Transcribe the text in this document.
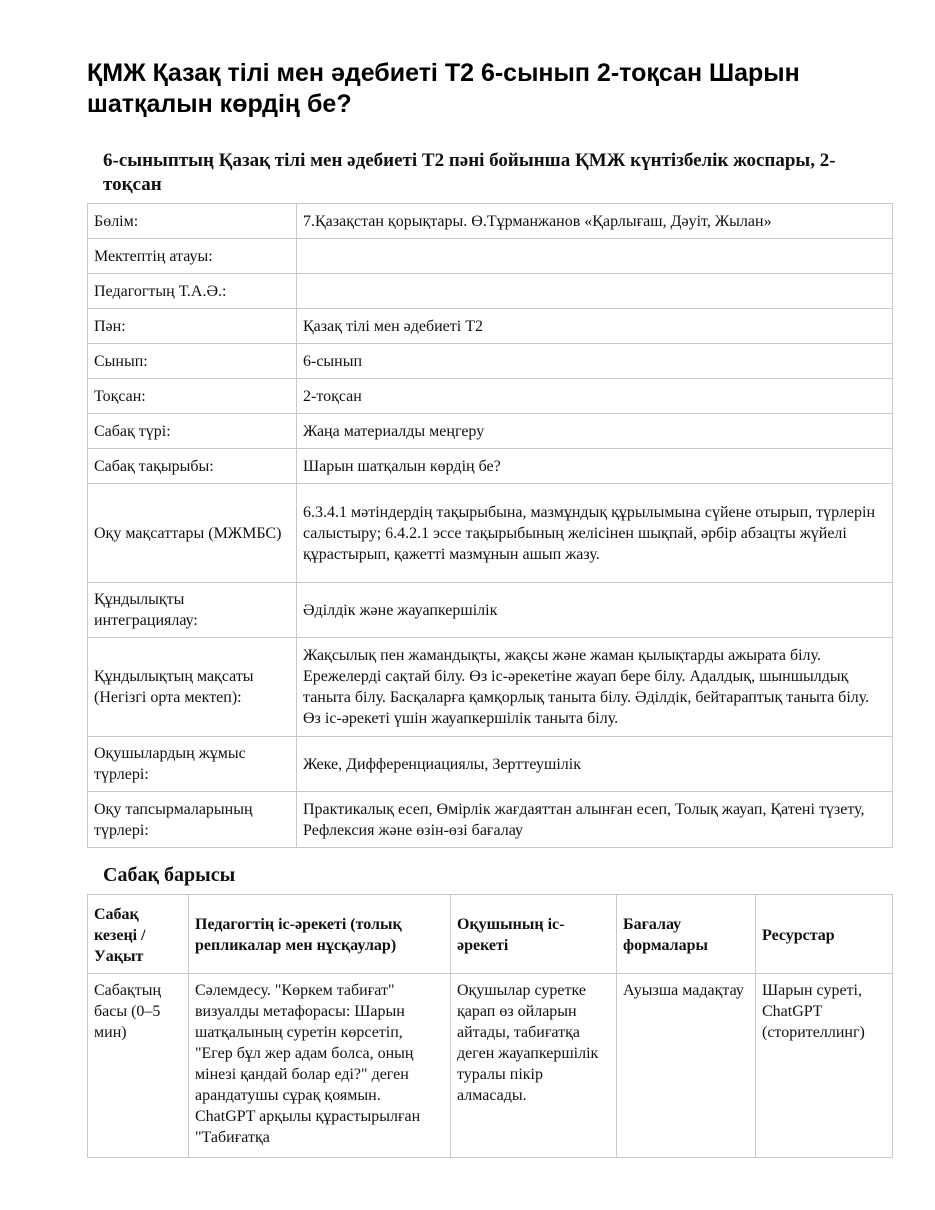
ҚМЖ Қазақ тілі мен әдебиеті Т2 6-сынып 2-тоқсан Шарын шатқалын көрдің бе?
6-сыныптың Қазақ тілі мен әдебиеті Т2 пәні бойынша ҚМЖ күнтізбелік жоспары, 2-тоқсан
Бөлім:	7.Қазақстан қорықтары. Ө.Тұрманжанов «Қарлығаш, Дәуіт, Жылан»
Мектептің атауы:	
Педагогтың Т.А.Ә.:	
Пән:	Қазақ тілі мен әдебиеті Т2
Сынып:	6-сынып
Тоқсан:	2-тоқсан
Сабақ түрі:	Жаңа материалды меңгеру
Сабақ тақырыбы:	Шарын шатқалын көрдің бе?
Оқу мақсаттары (МЖМБС)	6.3.4.1 мәтіндердің тақырыбына, мазмұндық құрылымына сүйене отырып, түрлерін салыстыру; 6.4.2.1 эссе тақырыбының желісінен шықпай, әрбір абзацты жүйелі құрастырып, қажетті мазмұнын ашып жазу.
Құндылықты интеграциялау:	Әділдік және жауапкершілік
Құндылықтың мақсаты (Негізгі орта мектеп):	Жақсылық пен жамандықты, жақсы және жаман қылықтарды ажырата білу. Ережелерді сақтай білу. Өз іс-әрекетіне жауап бере білу. Адалдық, шыншылдық таныта білу. Басқаларға қамқорлық таныта білу. Әділдік, бейтараптық таныта білу. Өз іс-әрекеті үшін жауапкершілік таныта білу.
Оқушылардың жұмыс түрлері:	Жеке, Дифференциациялы, Зерттеушілік
Оқу тапсырмаларының түрлері:	Практикалық есеп, Өмірлік жағдаяттан алынған есеп, Толық жауап, Қатені түзету, Рефлексия және өзін-өзі бағалау
Сабақ барысы
Сабақ кезеңі / Уақыт	Педагогтің іс-әрекеті (толық репликалар мен нұсқаулар)	Оқушының іс-әрекеті	Бағалау формалары	Ресурстар
Сабақтың басы (0–5 мин)	Сәлемдесу. "Көркем табиғат" визуалды метафорасы: Шарын шатқалының суретін көрсетіп, "Егер бұл жер адам болса, оның мінезі қандай болар еді?" деген арандатушы сұрақ қоямын. ChatGPT арқылы құрастырылған "Табиғатқа	Оқушылар суретке қарап өз ойларын айтады, табиғатқа деген жауапкершілік туралы пікір алмасады.	Ауызша мадақтау	Шарын суреті, ChatGPT (сторителлинг)
